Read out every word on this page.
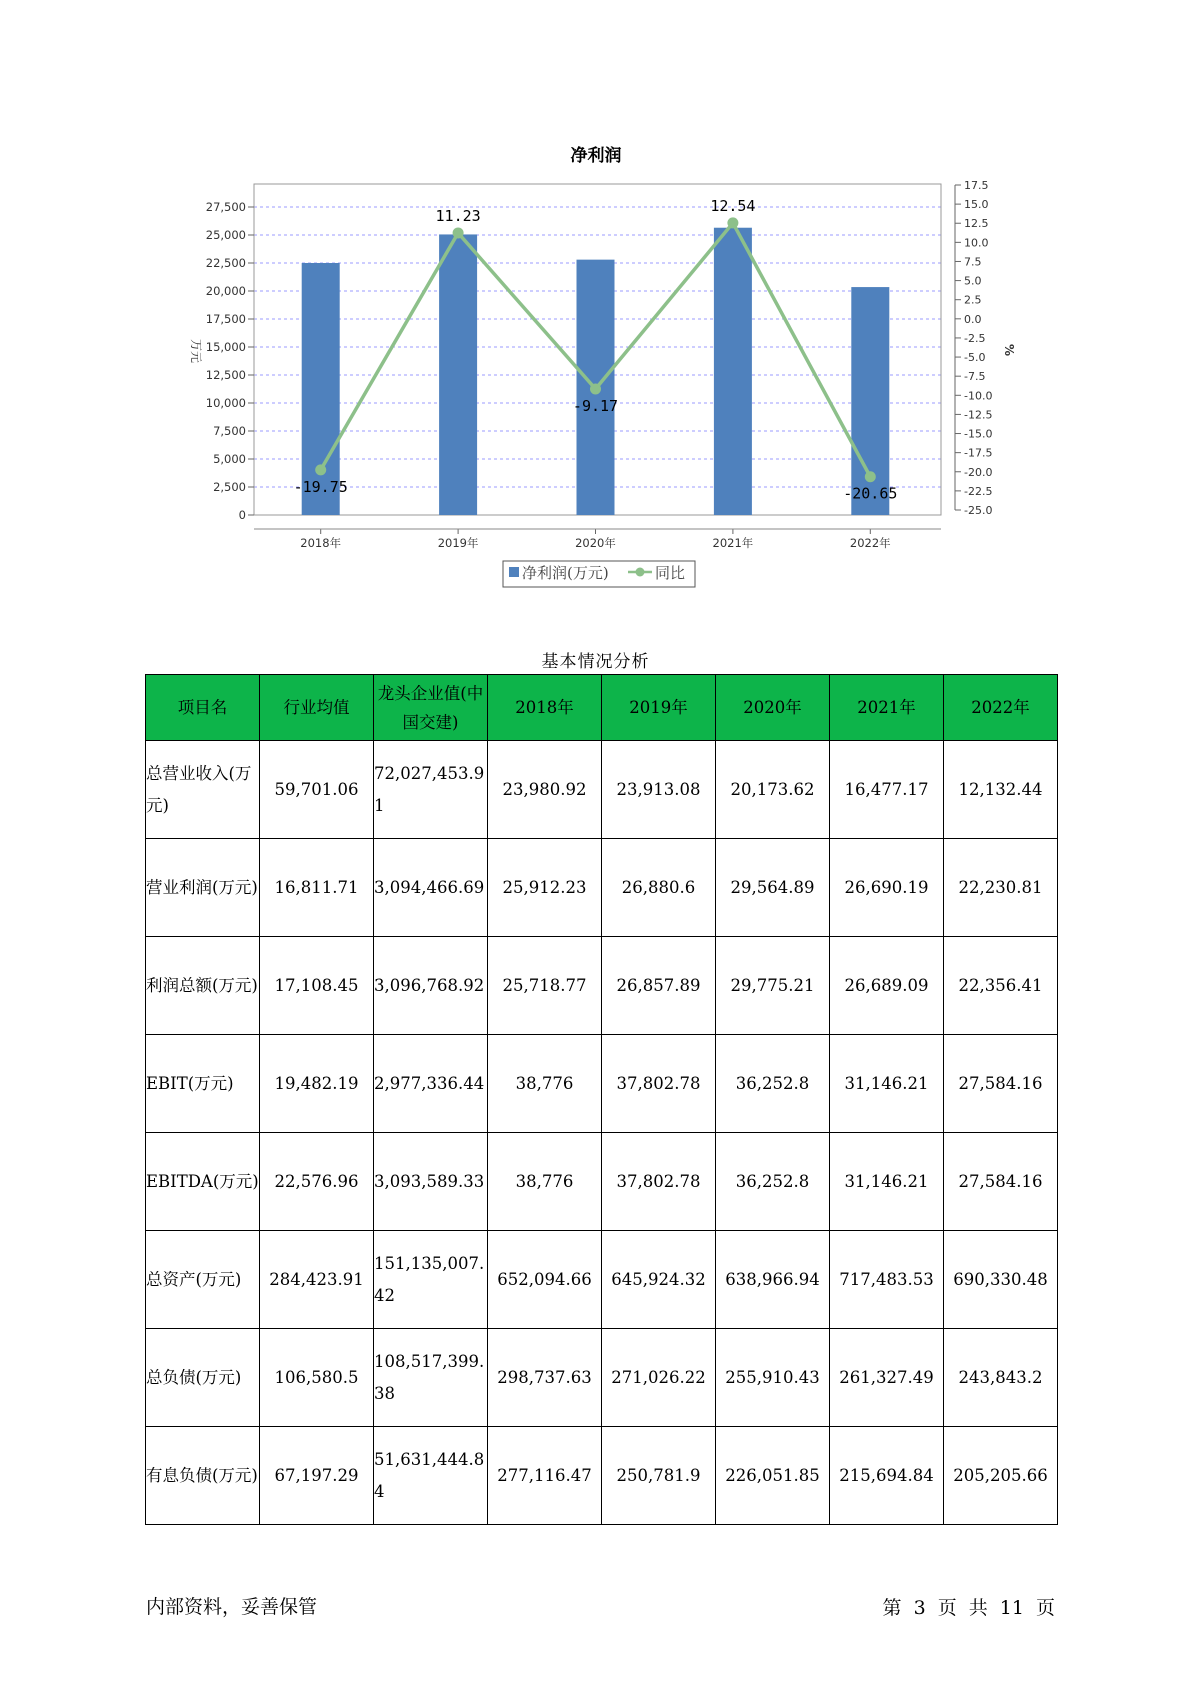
净利润
-19.75
11.23
-9.17
12.54
-20.65
0
2,500
5,000
7,500
10,000
12,500
15,000
17,500
20,000
22,500
25,000
27,500
17.5
15.0
12.5
10.0
7.5
5.0
2.5
0.0
-2.5
-5.0
-7.5
-10.0
-12.5
-15.0
-17.5
-20.0
-22.5
-25.0
2018年	2019年	2020年	2021年	2022年
万元	%
净利润(万元)	同比
基本情况分析
项目名	行业均值	龙头企业值(中国交建)	2018年	2019年	2020年	2021年	2022年
总营业收入(万元)	59,701.06	72,027,453.91	23,980.92	23,913.08	20,173.62	16,477.17	12,132.44
营业利润(万元)	16,811.71	3,094,466.69	25,912.23	26,880.6	29,564.89	26,690.19	22,230.81
利润总额(万元)	17,108.45	3,096,768.92	25,718.77	26,857.89	29,775.21	26,689.09	22,356.41
EBIT(万元)	19,482.19	2,977,336.44	38,776	37,802.78	36,252.8	31,146.21	27,584.16
EBITDA(万元)	22,576.96	3,093,589.33	38,776	37,802.78	36,252.8	31,146.21	27,584.16
总资产(万元)	284,423.91	151,135,007.42	652,094.66	645,924.32	638,966.94	717,483.53	690,330.48
总负债(万元)	106,580.5	108,517,399.38	298,737.63	271,026.22	255,910.43	261,327.49	243,843.2
有息负债(万元)	67,197.29	51,631,444.84	277,116.47	250,781.9	226,051.85	215,694.84	205,205.66
内部资料，妥善保管	第 3 页 共 11 页
